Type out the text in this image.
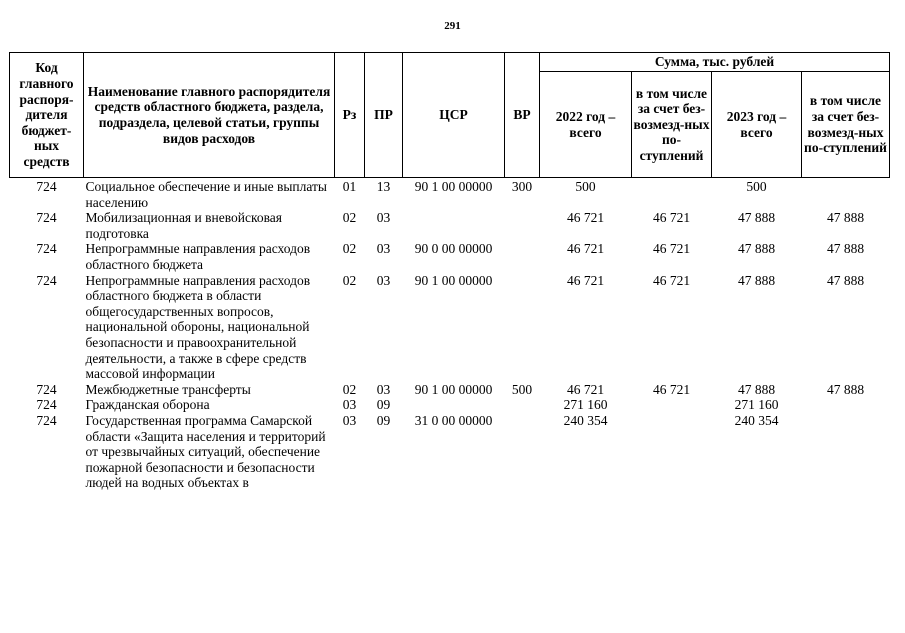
291
Код главного распоря-дителя бюджет-ных средств	Наименование главного распорядителя средств областного бюджета, раздела, подраздела, целевой статьи, группы видов расходов	Рз	ПР	ЦСР	ВР	Сумма, тыс. рублей			
						2022 год – всего	в том числе за счет без-возмезд-ных по-ступлений	2023 год – всего	в том числе за счет без-возмезд-ных по-ступлений
724	Социальное обеспечение и иные выплаты населению	01	13	90 1 00 00000	300	500		500	
724	Мобилизационная и вневойсковая подготовка	02	03			46 721	46 721	47 888	47 888
724	Непрограммные направления расходов областного бюджета	02	03	90 0 00 00000		46 721	46 721	47 888	47 888
724	Непрограммные направления расходов областного бюджета в области общегосударственных вопросов, национальной обороны, национальной безопасности и правоохранительной деятельности, а также в сфере средств массовой информации	02	03	90 1 00 00000		46 721	46 721	47 888	47 888
724	Межбюджетные трансферты	02	03	90 1 00 00000	500	46 721	46 721	47 888	47 888
724	Гражданская оборона	03	09			271 160		271 160	
724	Государственная программа Самарской области «Защита населения и территорий от чрезвычайных ситуаций, обеспечение пожарной безопасности и безопасности людей на водных объектах в	03	09	31 0 00 00000		240 354		240 354	
